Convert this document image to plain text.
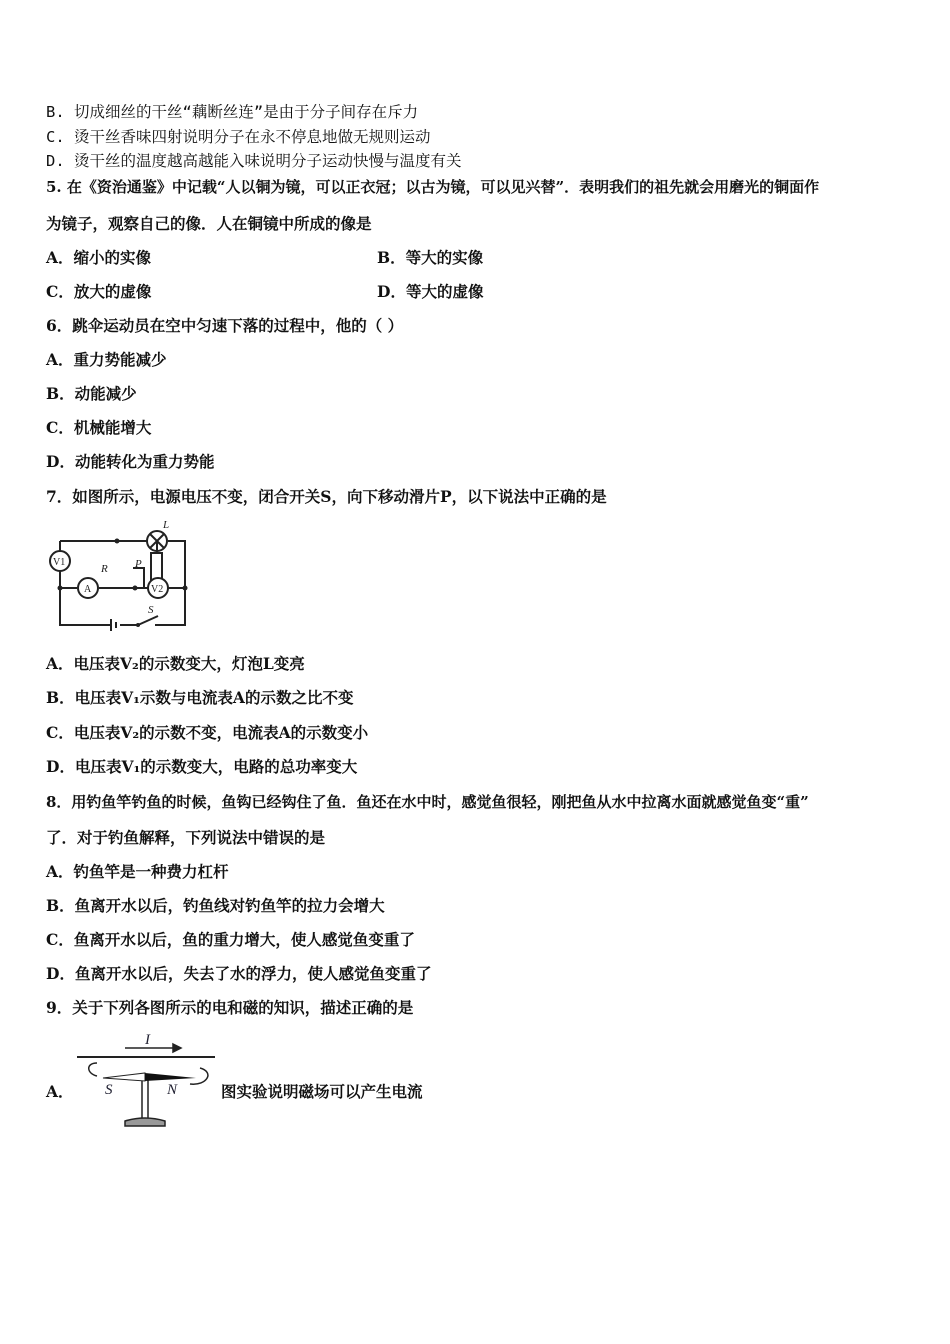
B. 切成细丝的干丝“藕断丝连”是由于分子间存在斥力
C. 烫干丝香味四射说明分子在永不停息地做无规则运动
D. 烫干丝的温度越高越能入味说明分子运动快慢与温度有关
5. 在《资治通鉴》中记载“人以铜为镜，可以正衣冠；以古为镜，可以见兴替”．表明我们的祖先就会用磨光的铜面作
为镜子，观察自己的像．人在铜镜中所成的像是
A．缩小的实像	B．等大的实像
C．放大的虚像	D．等大的虚像
6．跳伞运动员在空中匀速下落的过程中，他的（ ）
A．重力势能减少
B．动能减少
C．机械能增大
D．动能转化为重力势能
7．如图所示，电源电压不变，闭合开关S，向下移动滑片P，以下说法中正确的是
L
R P
S
V1
A	V2
A．电压表V₂的示数变大，灯泡L变亮
B．电压表V₁示数与电流表A的示数之比不变
C．电压表V₂的示数不变，电流表A的示数变小
D．电压表V₁的示数变大，电路的总功率变大
8．用钓鱼竿钓鱼的时候，鱼钩已经钩住了鱼．鱼还在水中时，感觉鱼很轻，刚把鱼从水中拉离水面就感觉鱼变“重”
了．对于钓鱼解释，下列说法中错误的是
A．钓鱼竿是一种费力杠杆
B．鱼离开水以后，钓鱼线对钓鱼竿的拉力会增大
C．鱼离开水以后，鱼的重力增大，使人感觉鱼变重了
D．鱼离开水以后，失去了水的浮力，使人感觉鱼变重了
9．关于下列各图所示的电和磁的知识，描述正确的是
A．
I
S	N	图实验说明磁场可以产生电流
